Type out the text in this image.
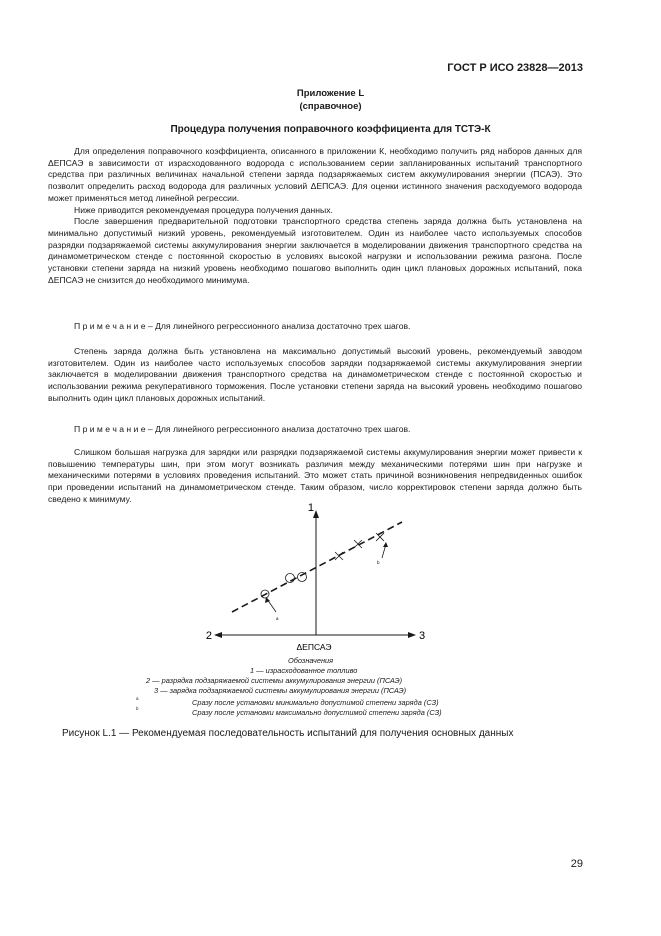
ГОСТ Р ИСО 23828—2013
Приложение L
(справочное)
Процедура получения поправочного коэффициента для ТСТЭ-К

Для определения поправочного коэффициента, описанного в приложении К, необходимо получить ряд наборов данных для ΔEПСАЭ в зависимости от израсходованного водорода с использованием серии запланированных испытаний транспортного средства при различных величинах начальной степени заряда подзаряжаемых систем аккумулирования энергии (ПСАЭ). Это позволит определить расход водорода для различных условий ΔEПСАЭ. Для оценки истинного значения расходуемого водорода может применяться метод линейной регрессии.

Ниже приводится рекомендуемая процедура получения данных.

После завершения предварительной подготовки транспортного средства степень заряда должна быть установлена на минимально допустимый низкий уровень, рекомендуемый изготовителем. Один из наиболее часто используемых способов разрядки подзаряжаемой системы аккумулирования энергии заключается в моделировании движения транспортного средства на динамометрическом стенде с постоянной скоростью в условиях высокой нагрузки и использовании режима разгона. После установки степени заряда на низкий уровень необходимо пошагово выполнить один цикл плановых дорожных испытаний, пока ΔEПСАЭ не снизится до необходимого минимума.

П р и м е ч а н и е – Для линейного регрессионного анализа достаточно трех шагов.

Степень заряда должна быть установлена на максимально допустимый высокий уровень, рекомендуемый заводом изготовителем. Один из наиболее часто используемых способов зарядки подзаряжаемой системы аккумулирования энергии заключается в моделировании движения транспортного средства на динамометрическом стенде с постоянной скоростью и использовании режима рекуперативного торможения. После установки степени заряда на высокий уровень необходимо пошагово выполнить один цикл плановых дорожных испытаний.

П р и м е ч а н и е – Для линейного регрессионного анализа достаточно трех шагов.

Слишком большая нагрузка для зарядки или разрядки подзаряжаемой системы аккумулирования энергии может привести к повышению температуры шин, при этом могут возникать различия между механическими потерями шин при нагрузке и механическими потерями в условиях проведения испытаний. Это может стать причиной возникновения непредвиденных ошибок при проведении испытаний на динамометрическом стенде. Таким образом, число корректировок степени заряда должно быть сведено к минимуму.

1
2	3
ΔEПСАЭ
a
b
Обозначения
1 — израсходованное топливо
2 — разрядка подзаряжаемой системы аккумулирования энергии (ПСАЭ)
3 — зарядка подзаряжаемой системы аккумулирования энергии (ПСАЭ)
a	Сразу после установки минимально допустимой степени заряда (СЗ)
b	Сразу после установки максимально допустимой степени заряда (СЗ)
Рисунок L.1 — Рекомендуемая последовательность испытаний для получения основных данных
29
